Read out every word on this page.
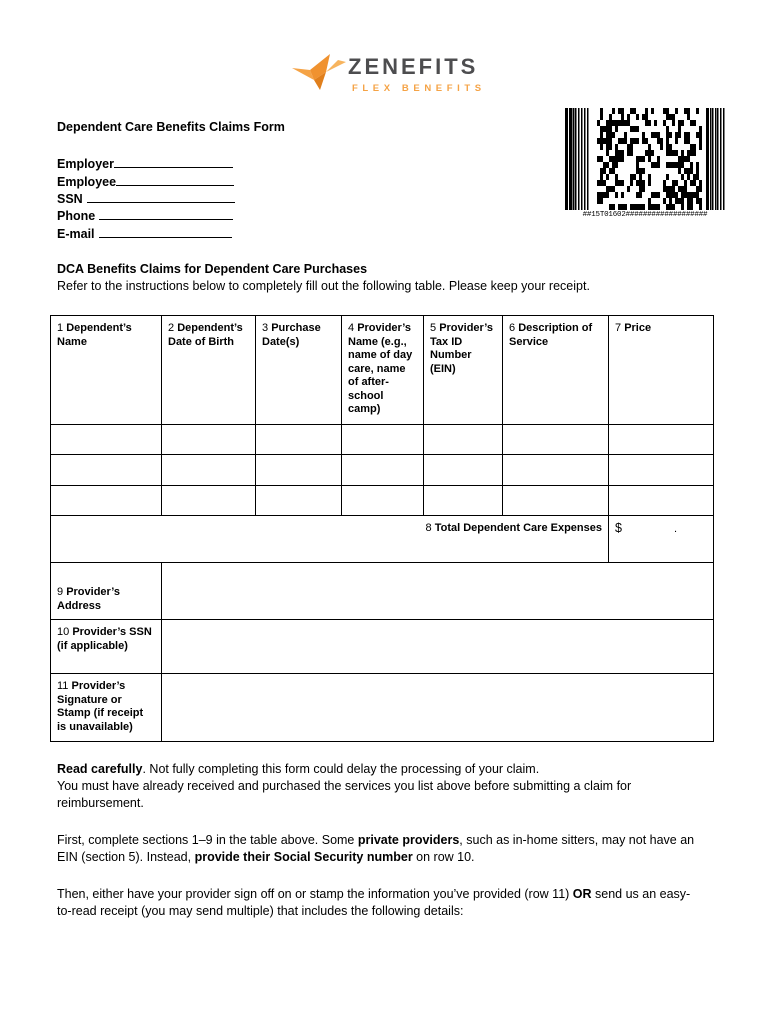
ZENEFITS
FLEX BENEFITS
##15T01602###################
Dependent Care Benefits Claims Form
Employer
Employee
SSN
Phone
E-mail
DCA Benefits Claims for Dependent Care Purchases
Refer to the instructions below to completely fill out the following table. Please keep your receipt.
1 Dependent’s Name	2 Dependent’s Date of Birth	3 Purchase Date(s)	4 Provider’s Name (e.g., name of day care, name of after-school camp)	5 Provider’s Tax ID Number (EIN)	6 Description of Service	7 Price

8 Total Dependent Care Expenses						$ .
9 Provider’s Address						
10 Provider’s SSN (if applicable)						
11 Provider’s Signature or Stamp (if receipt is unavailable)						
Read carefully. Not fully completing this form could delay the processing of your claim.
You must have already received and purchased the services you list above before submitting a claim for reimbursement.
First, complete sections 1–9 in the table above. Some private providers, such as in-home sitters, may not have an EIN (section 5). Instead, provide their Social Security number on row 10.
Then, either have your provider sign off on or stamp the information you’ve provided (row 11) OR send us an easy-to-read receipt (you may send multiple) that includes the following details:
